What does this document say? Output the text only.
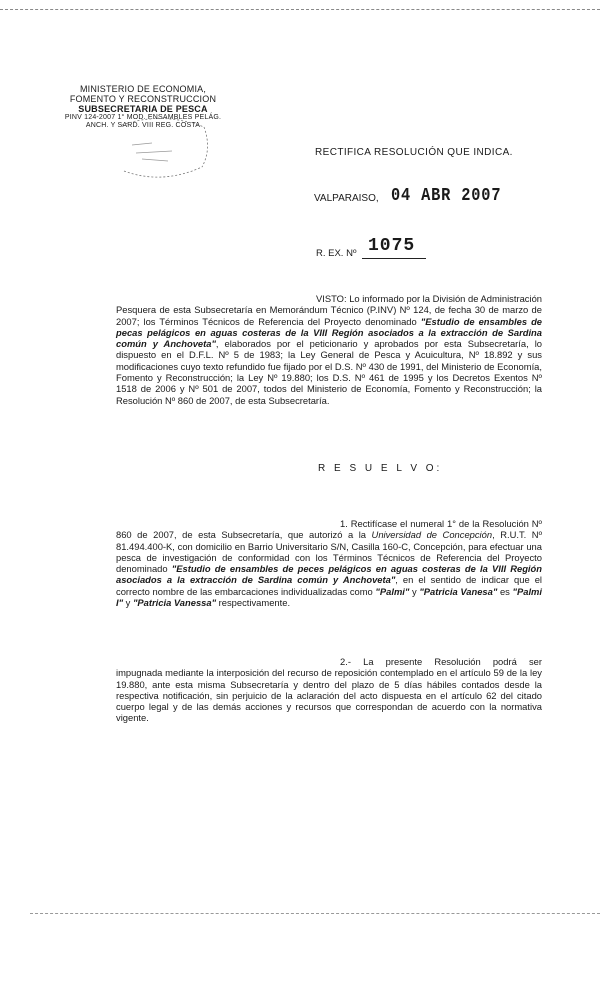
MINISTERIO DE ECONOMIA,
FOMENTO Y RECONSTRUCCION
SUBSECRETARIA DE PESCA
PINV 124-2007 1° MOD. ENSAMBLES PELÁG.
ANCH. Y SARD. VIII REG. COSTA
RECTIFICA RESOLUCIÓN QUE INDICA.
VALPARAISO, 04 ABR 2007
R. EX. Nº 1075
VISTO: Lo informado por la División de Administración Pesquera de esta Subsecretaría en Memorándum Técnico (P.INV) Nº 124, de fecha 30 de marzo de 2007; los Términos Técnicos de Referencia del Proyecto denominado "Estudio de ensambles de pecas pelágicos en aguas costeras de la VIII Región asociados a la extracción de Sardina común y Anchoveta", elaborados por el peticionario y aprobados por esta Subsecretaría, lo dispuesto en el D.F.L. Nº 5 de 1983; la Ley General de Pesca y Acuicultura, Nº 18.892 y sus modificaciones cuyo texto refundido fue fijado por el D.S. Nº 430 de 1991, del Ministerio de Economía, Fomento y Reconstrucción; la Ley Nº 19.880; los D.S. Nº 461 de 1995 y los Decretos Exentos Nº 1518 de 2006 y Nº 501 de 2007, todos del Ministerio de Economía, Fomento y Reconstrucción; la Resolución Nº 860 de 2007, de esta Subsecretaría.
R E S U E L V O:
1. Rectifícase el numeral 1° de la Resolución Nº 860 de 2007, de esta Subsecretaría, que autorizó a la Universidad de Concepción, R.U.T. Nº 81.494.400-K, con domicilio en Barrio Universitario S/N, Casilla 160-C, Concepción, para efectuar una pesca de investigación de conformidad con los Términos Técnicos de Referencia del Proyecto denominado "Estudio de ensambles de peces pelágicos en aguas costeras de la VIII Región asociados a la extracción de Sardina común y Anchoveta", en el sentido de indicar que el correcto nombre de las embarcaciones individualizadas como "Palmi" y "Patricia Vanesa" es "Palmi I" y "Patricia Vanessa" respectivamente.
2.- La presente Resolución podrá ser impugnada mediante la interposición del recurso de reposición contemplado en el artículo 59 de la ley 19.880, ante esta misma Subsecretaría y dentro del plazo de 5 días hábiles contados desde la respectiva notificación, sin perjuicio de la aclaración del acto dispuesta en el artículo 62 del citado cuerpo legal y de las demás acciones y recursos que correspondan de acuerdo con la normativa vigente.
